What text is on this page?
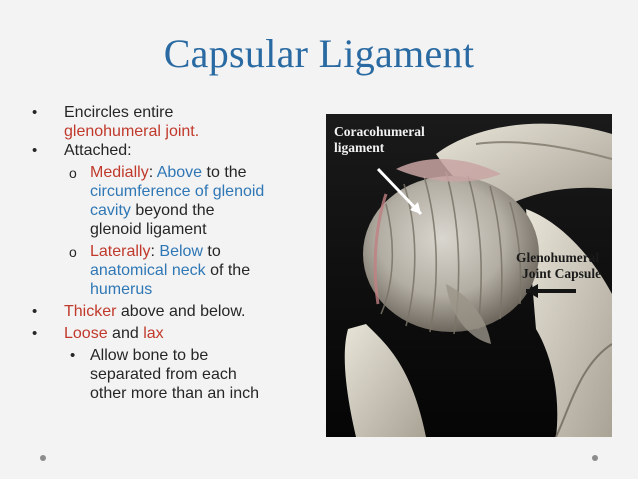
Capsular Ligament
• Encircles entire
glenohumeral joint.
• Attached:
o Medially: Above to the
circumference of glenoid
cavity beyond the
glenoid ligament
o Laterally: Below to
anatomical neck of the
humerus
• Thicker above and below.
• Loose and lax
• Allow bone to be
separated from each
other more than an inch
Coracohumeral
ligament
Glenohumeral
Joint Capsule
